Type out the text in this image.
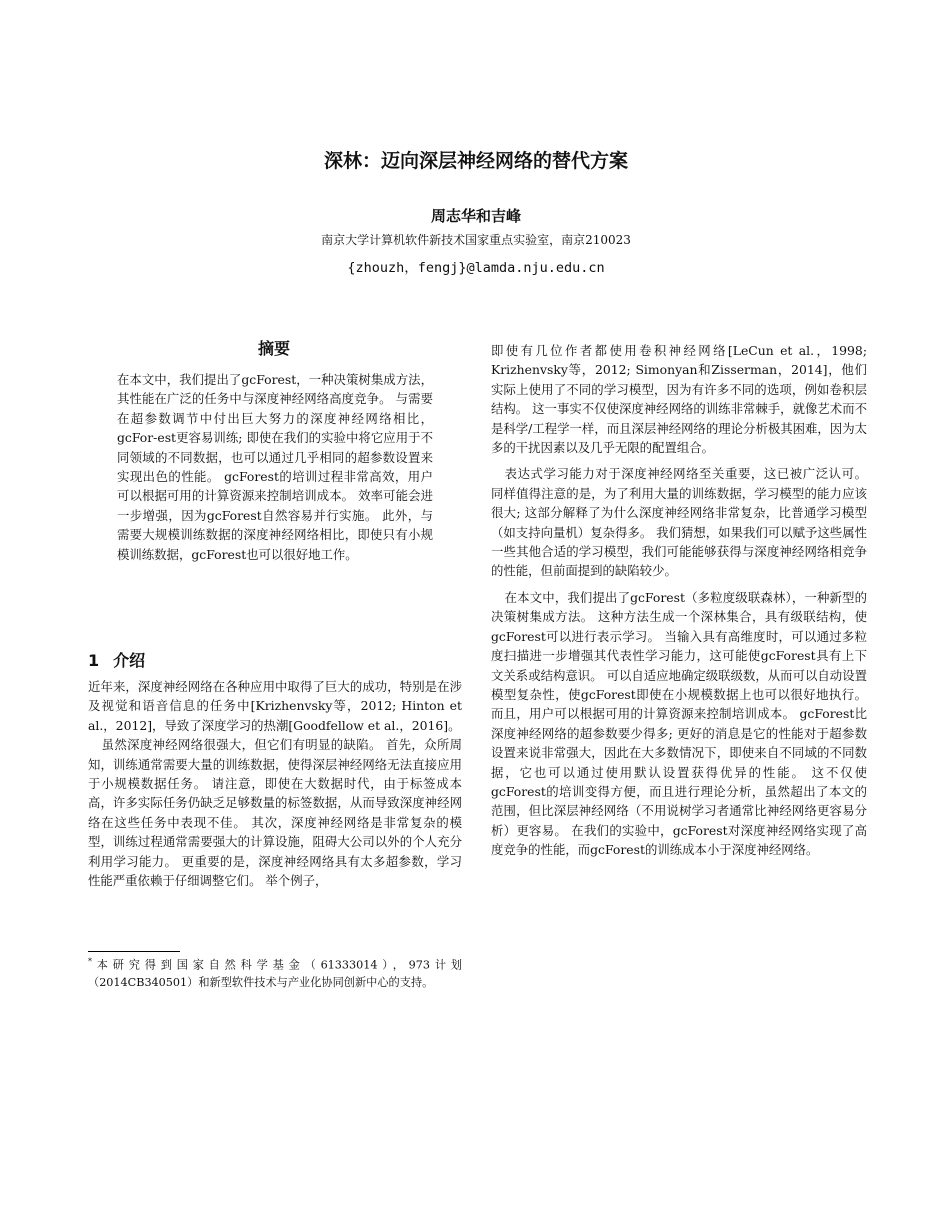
深林：迈向深层神经网络的替代方案
周志华和吉峰
南京大学计算机软件新技术国家重点实验室，南京210023
{zhouzh，fengj}@lamda.nju.edu.cn
摘要
在本文中，我们提出了gcForest，一种决策树集成方法，其性能在广泛的任务中与深度神经网络高度竞争。 与需要在超参数调节中付出巨大努力的深度神经网络相比，gcFor-est更容易训练; 即使在我们的实验中将它应用于不同领域的不同数据，也可以通过几乎相同的超参数设置来实现出色的性能。 gcForest的培训过程非常高效，用户可以根据可用的计算资源来控制培训成本。 效率可能会进一步增强，因为gcForest自然容易并行实施。 此外，与需要大规模训练数据的深度神经网络相比，即使只有小规模训练数据，gcForest也可以很好地工作。
1 介绍

近年来，深度神经网络在各种应用中取得了巨大的成功，特别是在涉及视觉和语音信息的任务中[Krizhenvsky等，2012; Hinton et al.，2012]，导致了深度学习的热潮[Goodfellow et al.，2016]。

虽然深度神经网络很强大，但它们有明显的缺陷。 首先，众所周知，训练通常需要大量的训练数据，使得深层神经网络无法直接应用于小规模数据任务。 请注意，即使在大数据时代，由于标签成本高，许多实际任务仍缺乏足够数量的标签数据，从而导致深度神经网络在这些任务中表现不佳。 其次，深度神经网络是非常复杂的模型，训练过程通常需要强大的计算设施，阻碍大公司以外的个人充分利用学习能力。 更重要的是，深度神经网络具有太多超参数，学习性能严重依赖于仔细调整它们。 举个例子，

*本研究得到国家自然科学基金（61333014），973计划（2014CB340501）和新型软件技术与产业化协同创新中心的支持。

即使有几位作者都使用卷积神经网络[LeCun et al.，1998; Krizhenvsky等，2012; Simonyan和Zisserman，2014]，他们实际上使用了不同的学习模型，因为有许多不同的选项，例如卷积层结构。 这一事实不仅使深度神经网络的训练非常棘手，就像艺术而不是科学/工程学一样，而且深层神经网络的理论分析极其困难，因为太多的干扰因素以及几乎无限的配置组合。

表达式学习能力对于深度神经网络至关重要，这已被广泛认可。 同样值得注意的是，为了利用大量的训练数据，学习模型的能力应该很大; 这部分解释了为什么深度神经网络非常复杂，比普通学习模型（如支持向量机）复杂得多。 我们猜想，如果我们可以赋予这些属性一些其他合适的学习模型，我们可能能够获得与深度神经网络相竞争的性能，但前面提到的缺陷较少。

在本文中，我们提出了gcForest（多粒度级联森林），一种新型的决策树集成方法。 这种方法生成一个深林集合，具有级联结构，使gcForest可以进行表示学习。 当输入具有高维度时，可以通过多粒度扫描进一步增强其代表性学习能力，这可能使gcForest具有上下文关系或结构意识。 可以自适应地确定级联级数，从而可以自动设置模型复杂性，使gcForest即使在小规模数据上也可以很好地执行。 而且，用户可以根据可用的计算资源来控制培训成本。 gcForest比深度神经网络的超参数要少得多; 更好的消息是它的性能对于超参数设置来说非常强大，因此在大多数情况下，即使来自不同域的不同数据，它也可以通过使用默认设置获得优异的性能。 这不仅使gcForest的培训变得方便，而且进行理论分析，虽然超出了本文的范围，但比深层神经网络（不用说树学习者通常比神经网络更容易分析）更容易。 在我们的实验中，gcForest对深度神经网络实现了高度竞争的性能，而gcForest的训练成本小于深度神经网络。
